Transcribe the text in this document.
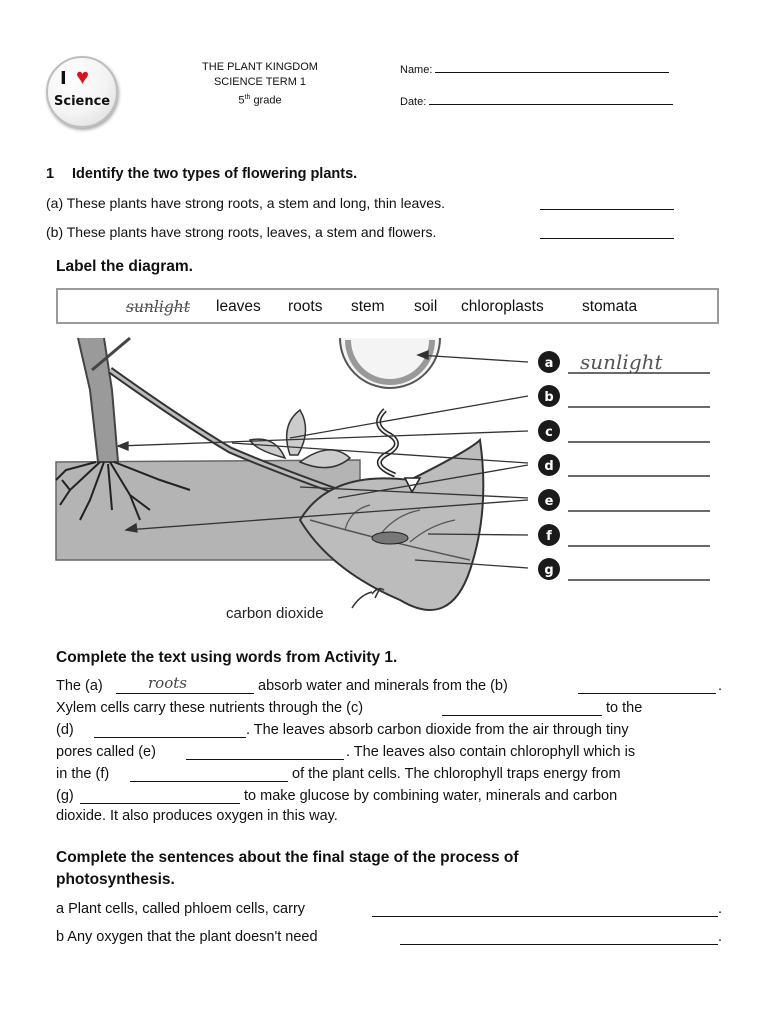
I ♥
Science
THE PLANT KINGDOM
SCIENCE TERM 1
5th grade
Name:
Date:
1 Identify the two types of flowering plants.
(a) These plants have strong roots, a stem and long, thin leaves.
(b) These plants have strong roots, leaves, a stem and flowers.
Label the diagram.
sunlight leaves roots stem soil chloroplasts stomata
a
b
c
d
e
f
g
sunlight
carbon dioxide
Complete the text using words from Activity 1.
The (a)	roots	absorb water and minerals from the (b)	.
Xylem cells carry these nutrients through the (c)	to the
(d)	. The leaves absorb carbon dioxide from the air through tiny
pores called (e)	. The leaves also contain chlorophyll which is
in the (f)	of the plant cells. The chlorophyll traps energy from
(g)	to make glucose by combining water, minerals and carbon
dioxide. It also produces oxygen in this way.
Complete the sentences about the final stage of the process of
photosynthesis.
a Plant cells, called phloem cells, carry	.
b Any oxygen that the plant doesn't need	.
